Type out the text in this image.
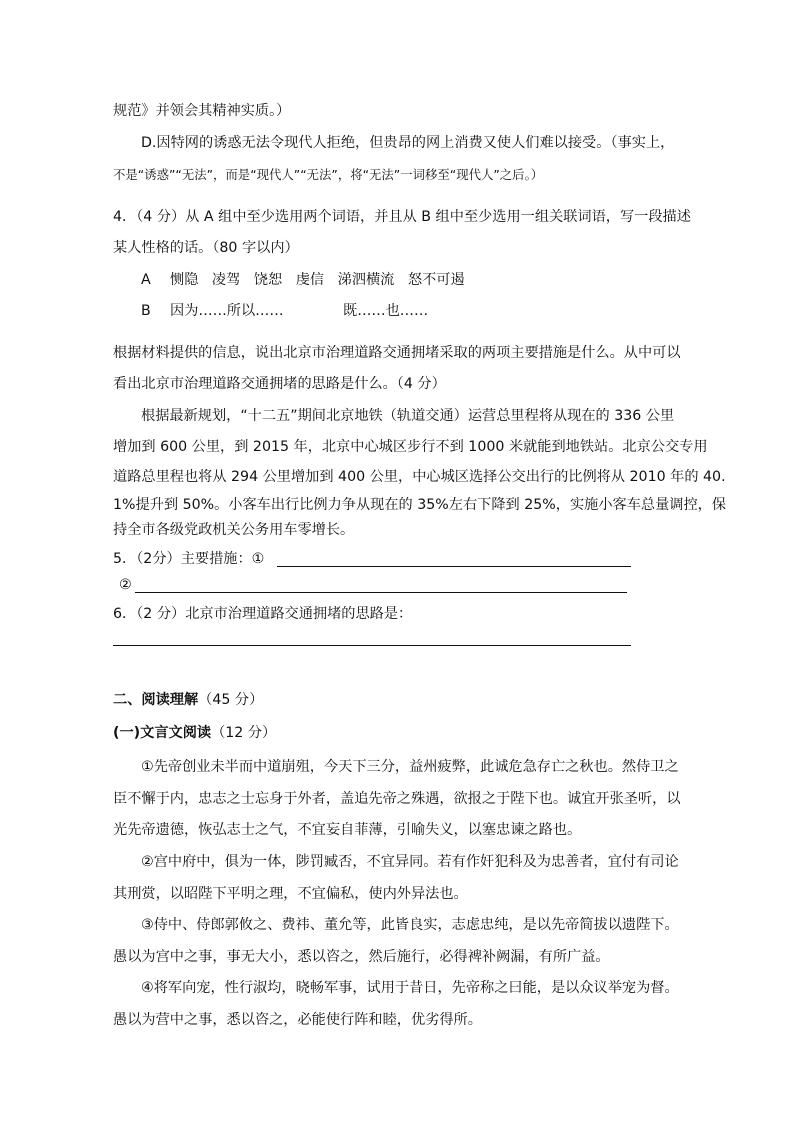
规范》并领会其精神实质。）
D.因特网的诱惑无法令现代人拒绝，但贵昂的网上消费又使人们难以接受。（事实上，
不是“诱惑”“无法”，而是“现代人”“无法”，将“无法”一词移至“现代人”之后。）
4．（4 分）从 A 组中至少选用两个词语，并且从 B 组中至少选用一组关联词语，写一段描述
某人性格的话。（80 字以内）
A 恻隐   凌驾   饶恕   虔信   涕泗横流   怒不可遏
B 因为……所以……	既……也……
根据材料提供的信息，说出北京市治理道路交通拥堵采取的两项主要措施是什么。从中可以
看出北京市治理道路交通拥堵的思路是什么。（4 分）
根据最新规划，“十二五”期间北京地铁（轨道交通）运营总里程将从现在的 336 公里
增加到 600 公里，到 2015 年，北京中心城区步行不到 1000 米就能到地铁站。北京公交专用
道路总里程也将从 294 公里增加到 400 公里，中心城区选择公交出行的比例将从 2010 年的 40.
1%提升到 50%。小客车出行比例力争从现在的 35%左右下降到 25%，实施小客车总量调控，保
持全市各级党政机关公务用车零增长。
5．（2分）主要措施：①
②
6．（2 分）北京市治理道路交通拥堵的思路是：
二、阅读理解（45 分）
(一)文言文阅读（12 分）
①先帝创业未半而中道崩殂，今天下三分，益州疲弊，此诚危急存亡之秋也。然侍卫之
臣不懈于内，忠志之士忘身于外者，盖追先帝之殊遇，欲报之于陛下也。诚宜开张圣听，以
光先帝遗德，恢弘志士之气，不宜妄自菲薄，引喻失义，以塞忠谏之路也。
②宫中府中，俱为一体，陟罚臧否，不宜异同。若有作奸犯科及为忠善者，宜付有司论
其刑赏，以昭陛下平明之理，不宜偏私，使内外异法也。
③侍中、侍郎郭攸之、费祎、董允等，此皆良实，志虑忠纯，是以先帝简拔以遗陛下。
愚以为宫中之事，事无大小，悉以咨之，然后施行，必得裨补阙漏，有所广益。
④将军向宠，性行淑均，晓畅军事，试用于昔日，先帝称之曰能，是以众议举宠为督。
愚以为营中之事，悉以咨之，必能使行阵和睦，优劣得所。
